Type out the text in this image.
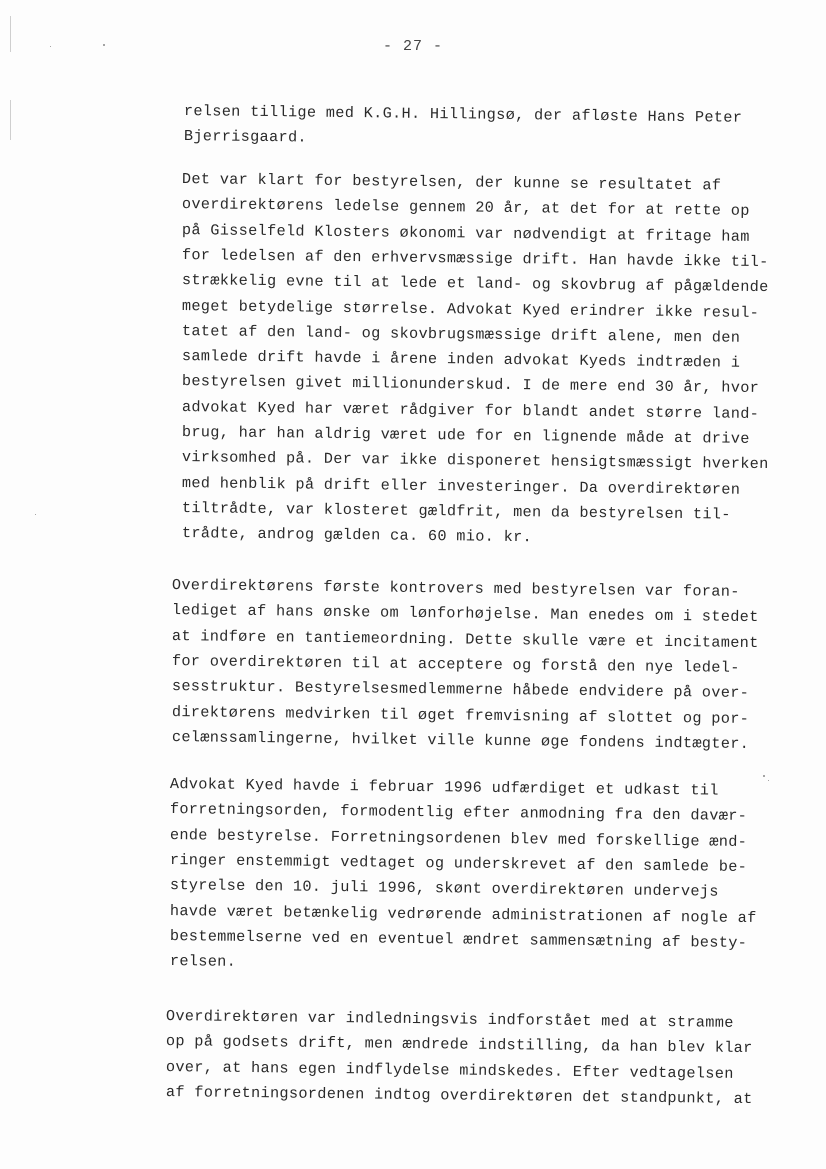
- 27 -
relsen tillige med K.G.H. Hillingsø, der afløste Hans Peter
Bjerrisgaard.
Det var klart for bestyrelsen, der kunne se resultatet af
overdirektørens ledelse gennem 20 år, at det for at rette op
på Gisselfeld Klosters økonomi var nødvendigt at fritage ham
for ledelsen af den erhvervsmæssige drift. Han havde ikke til-
strækkelig evne til at lede et land- og skovbrug af pågældende
meget betydelige størrelse. Advokat Kyed erindrer ikke resul-
tatet af den land- og skovbrugsmæssige drift alene, men den
samlede drift havde i årene inden advokat Kyeds indtræden i
bestyrelsen givet millionunderskud. I de mere end 30 år, hvor
advokat Kyed har været rådgiver for blandt andet større land-
brug, har han aldrig været ude for en lignende måde at drive
virksomhed på. Der var ikke disponeret hensigtsmæssigt hverken
med henblik på drift eller investeringer. Da overdirektøren
tiltrådte, var klosteret gældfrit, men da bestyrelsen til-
trådte, androg gælden ca. 60 mio. kr.
Overdirektørens første kontrovers med bestyrelsen var foran-
lediget af hans ønske om lønforhøjelse. Man enedes om i stedet
at indføre en tantiemeordning. Dette skulle være et incitament
for overdirektøren til at acceptere og forstå den nye ledel-
sesstruktur. Bestyrelsesmedlemmerne håbede endvidere på over-
direktørens medvirken til øget fremvisning af slottet og por-
celænssamlingerne, hvilket ville kunne øge fondens indtægter.
Advokat Kyed havde i februar 1996 udfærdiget et udkast til
forretningsorden, formodentlig efter anmodning fra den davær-
ende bestyrelse. Forretningsordenen blev med forskellige ænd-
ringer enstemmigt vedtaget og underskrevet af den samlede be-
styrelse den 10. juli 1996, skønt overdirektøren undervejs
havde været betænkelig vedrørende administrationen af nogle af
bestemmelserne ved en eventuel ændret sammensætning af besty-
relsen.
Overdirektøren var indledningsvis indforstået med at stramme
op på godsets drift, men ændrede indstilling, da han blev klar
over, at hans egen indflydelse mindskedes. Efter vedtagelsen
af forretningsordenen indtog overdirektøren det standpunkt, at
